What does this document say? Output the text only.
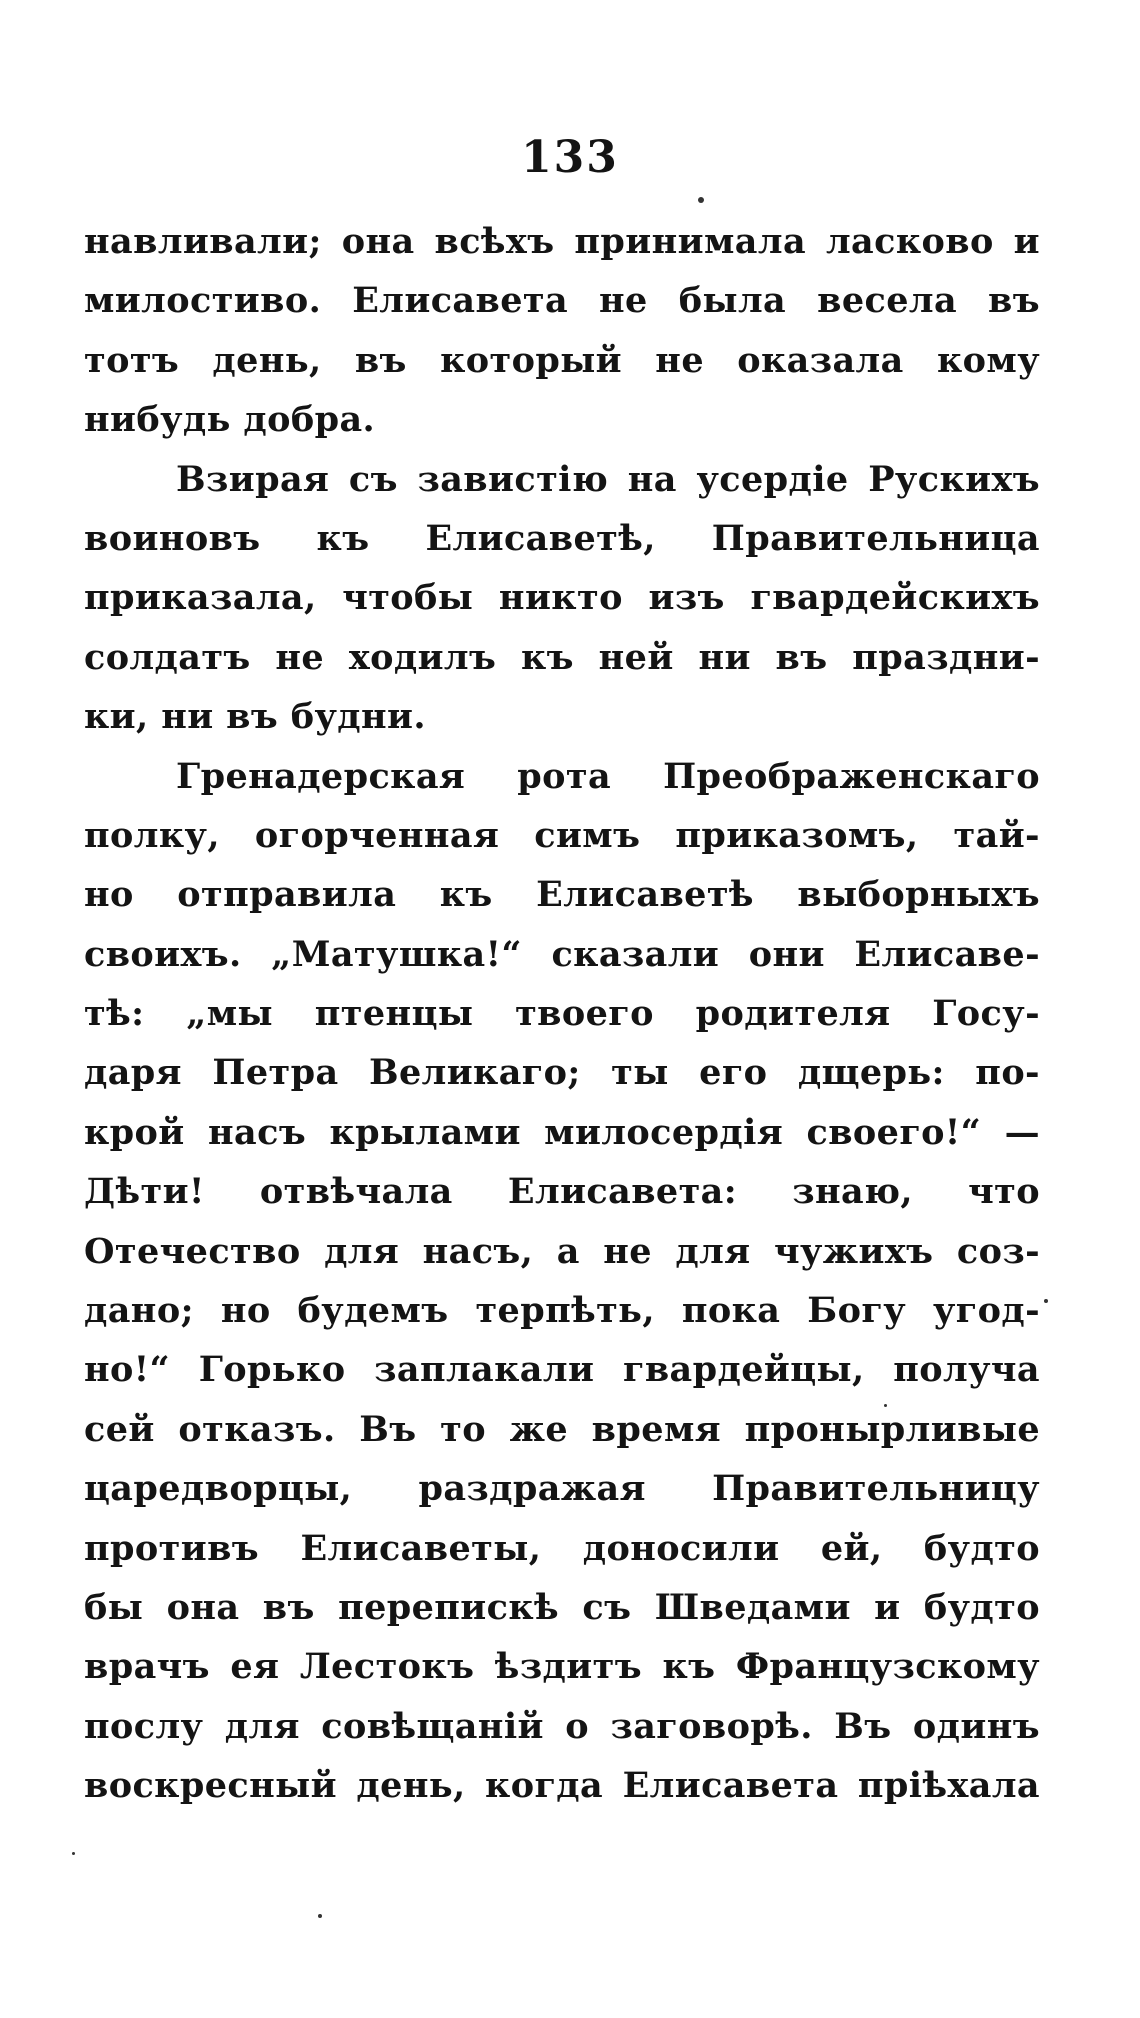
133
навливали; она всѣхъ принимала ласково и
милостиво. Елисавета не была весела въ
тотъ день, въ который не оказала кому
нибудь добра.
Взирая съ завистію на усердіе Рускихъ
воиновъ къ Елисаветѣ, Правительница
приказала, чтобы никто изъ гвардейскихъ
солдатъ не ходилъ къ ней ни въ праздни-
ки, ни въ будни.
Гренадерская рота Преображенскаго
полку, огорченная симъ приказомъ, тай-
но отправила къ Елисаветѣ выборныхъ
своихъ. „Матушка!“ сказали они Елисаве-
тѣ: „мы птенцы твоего родителя Госу-
даря Петра Великаго; ты его дщерь: по-
крой насъ крылами милосердія своего!“ —
Дѣти! отвѣчала Елисавета: знаю, что
Отечество для насъ, а не для чужихъ соз-
дано; но будемъ терпѣть, пока Богу угод-
но!“ Горько заплакали гвардейцы, получа
сей отказъ. Въ то же время пронырливые
царедворцы, раздражая Правительницу
противъ Елисаветы, доносили ей, будто
бы она въ перепискѣ съ Шведами и будто
врачъ ея Лестокъ ѣздитъ къ Французскому
послу для совѣщаній о заговорѣ. Въ одинъ
воскресный день, когда Елисавета пріѣхала
